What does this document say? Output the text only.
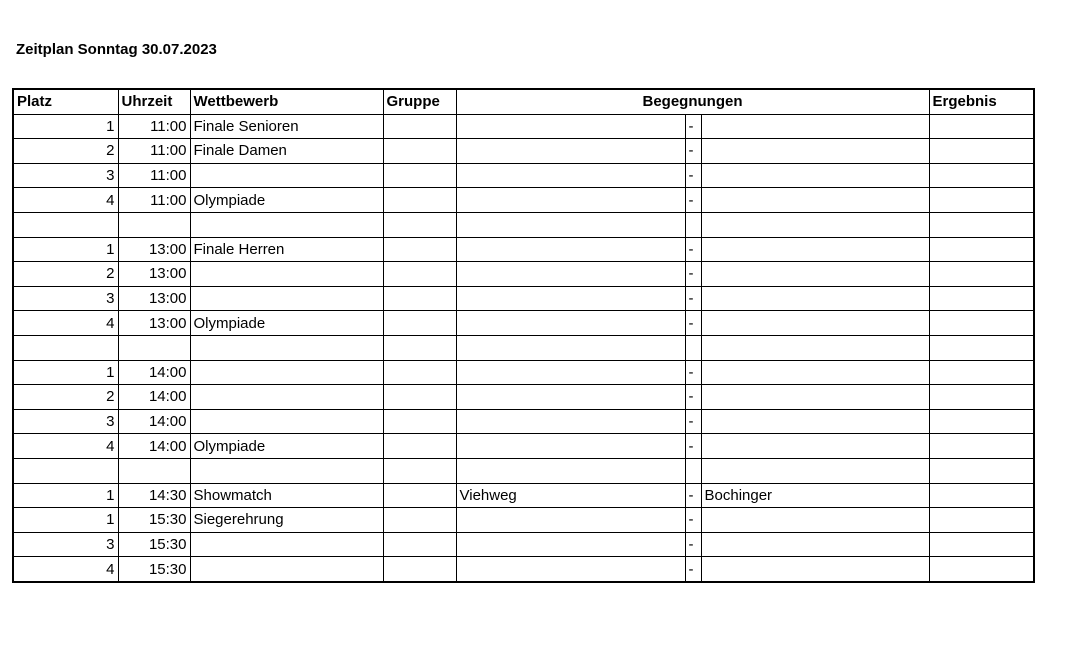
Zeitplan Sonntag 30.07.2023
Platz	Uhrzeit	Wettbewerb	Gruppe	Begegnungen			Ergebnis
1	11:00	Finale Senioren			-		
2	11:00	Finale Damen			-		
3	11:00				-		
4	11:00	Olympiade			-		

1	13:00	Finale Herren			-		
2	13:00				-		
3	13:00				-		
4	13:00	Olympiade			-		

1	14:00				-		
2	14:00				-		
3	14:00				-		
4	14:00	Olympiade			-		

1	14:30	Showmatch		Viehweg	-	Bochinger	
1	15:30	Siegerehrung			-		
3	15:30				-		
4	15:30				-		
